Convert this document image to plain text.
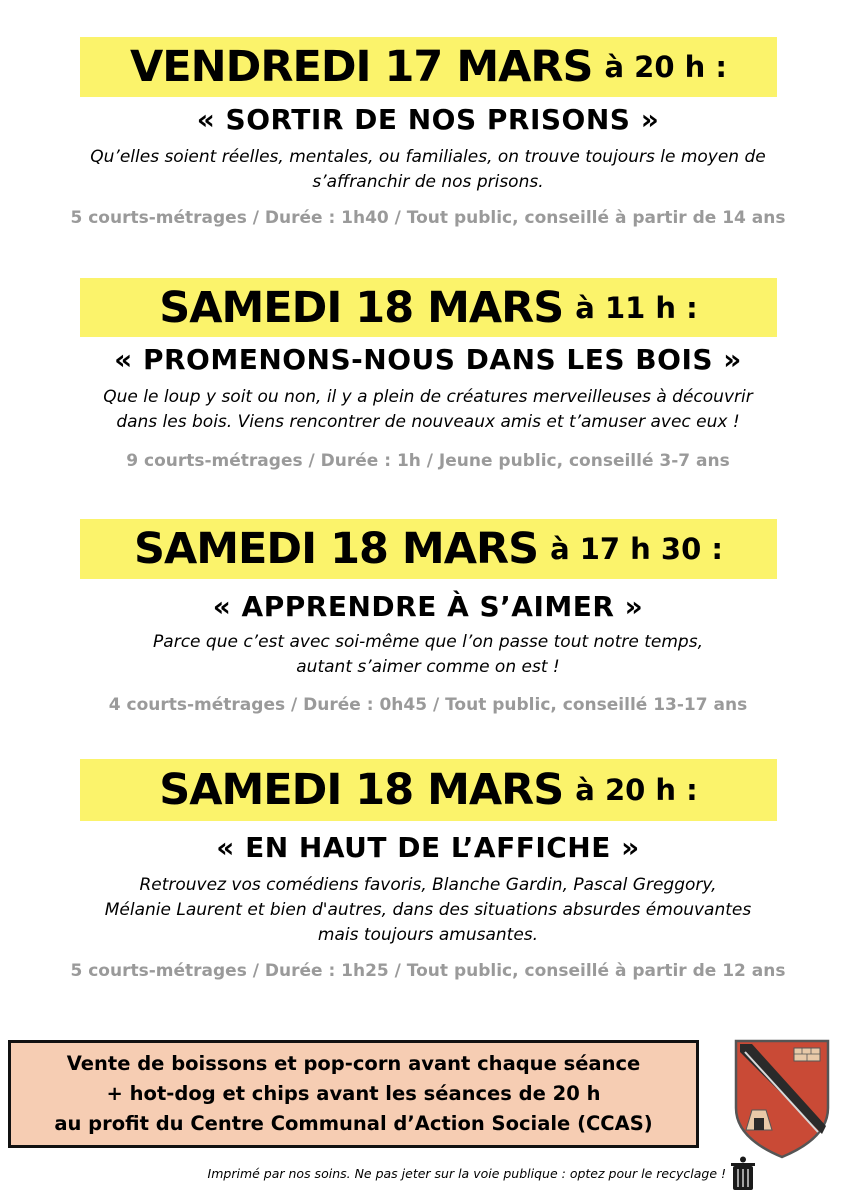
VENDREDI 17 MARS à 20 h :
« SORTIR DE NOS PRISONS »
Qu’elles soient réelles, mentales, ou familiales, on trouve toujours le moyen de
s’affranchir de nos prisons.
5 courts-métrages / Durée : 1h40 / Tout public, conseillé à partir de 14 ans
SAMEDI 18 MARS à 11 h :
« PROMENONS-NOUS DANS LES BOIS »
Que le loup y soit ou non, il y a plein de créatures merveilleuses à découvrir
dans les bois. Viens rencontrer de nouveaux amis et t’amuser avec eux !
9 courts-métrages / Durée : 1h / Jeune public, conseillé 3-7 ans
SAMEDI 18 MARS à 17 h 30 :
« APPRENDRE À S’AIMER »
Parce que c’est avec soi-même que l’on passe tout notre temps,
autant s’aimer comme on est !
4 courts-métrages / Durée : 0h45 / Tout public, conseillé 13-17 ans
SAMEDI 18 MARS à 20 h :
« EN HAUT DE L’AFFICHE »
Retrouvez vos comédiens favoris, Blanche Gardin, Pascal Greggory,
Mélanie Laurent et bien d'autres, dans des situations absurdes émouvantes
mais toujours amusantes.
5 courts-métrages / Durée : 1h25 / Tout public, conseillé à partir de 12 ans
Vente de boissons et pop-corn avant chaque séance
+ hot-dog et chips avant les séances de 20 h
au profit du Centre Communal d’Action Sociale (CCAS)
Imprimé par nos soins. Ne pas jeter sur la voie publique : optez pour le recyclage !
